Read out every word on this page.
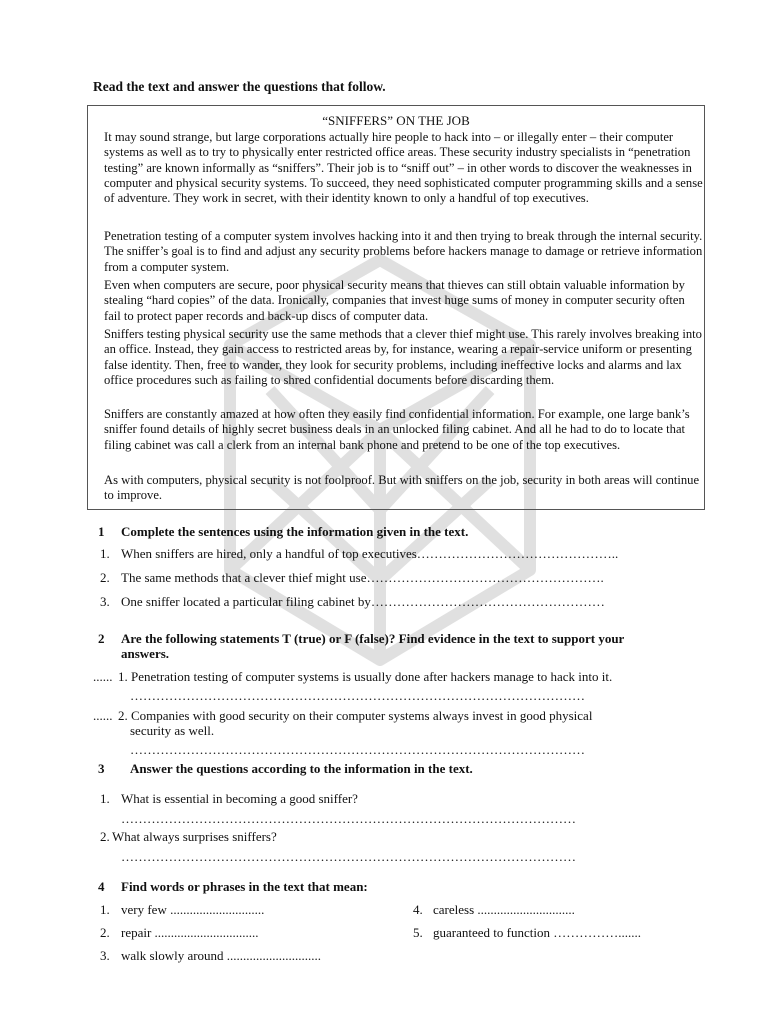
Read the text and answer the questions that follow.
“SNIFFERS” ON THE JOB
It may sound strange, but large corporations actually hire people to hack into – or illegally enter – their computer systems as well as to try to physically enter restricted office areas. These security industry specialists in “penetration testing” are known informally as “sniffers”. Their job is to “sniff out” – in other words to discover the weaknesses in computer and physical security systems. To succeed, they need sophisticated computer programming skills and a sense of adventure. They work in secret, with their identity known to only a handful of top executives.
Penetration testing of a computer system involves hacking into it and then trying to break through the internal security. The sniffer’s goal is to find and adjust any security problems before hackers manage to damage or retrieve information from a computer system.
Even when computers are secure, poor physical security means that thieves can still obtain valuable information by stealing “hard copies” of the data. Ironically, companies that invest huge sums of money in computer security often fail to protect paper records and back-up discs of computer data.
Sniffers testing physical security use the same methods that a clever thief might use. This rarely involves breaking into an office. Instead, they gain access to restricted areas by, for instance, wearing a repair-service uniform or presenting false identity. Then, free to wander, they look for security problems, including ineffective locks and alarms and lax office procedures such as failing to shred confidential documents before discarding them.
Sniffers are constantly amazed at how often they easily find confidential information. For example, one large bank’s sniffer found details of highly secret business deals in an unlocked filing cabinet. And all he had to do to locate that filing cabinet was call a clerk from an internal bank phone and pretend to be one of the top executives.
As with computers, physical security is not foolproof. But with sniffers on the job, security in both areas will continue to improve.
1 Complete the sentences using the information given in the text.
1. When sniffers are hired, only a handful of top executives………………………………………..
2. The same methods that a clever thief might use……………………………………………….
3. One sniffer located a particular filing cabinet by………………………………………………
2 Are the following statements T (true) or F (false)? Find evidence in the text to support your
answers.
...... 1. Penetration testing of computer systems is usually done after hackers manage to hack into it.
……………………………………………………………………………………………
...... 2. Companies with good security on their computer systems always invest in good physical
security as well.
……………………………………………………………………………………………
3 Answer the questions according to the information in the text.
1. What is essential in becoming a good sniffer?
……………………………………………………………………………………………
2. What always surprises sniffers?
……………………………………………………………………………………………
4 Find words or phrases in the text that mean:
1. very few .............................
2. repair ................................
3. walk slowly around .............................
4. careless ..............................
5. guaranteed to function …………….......
